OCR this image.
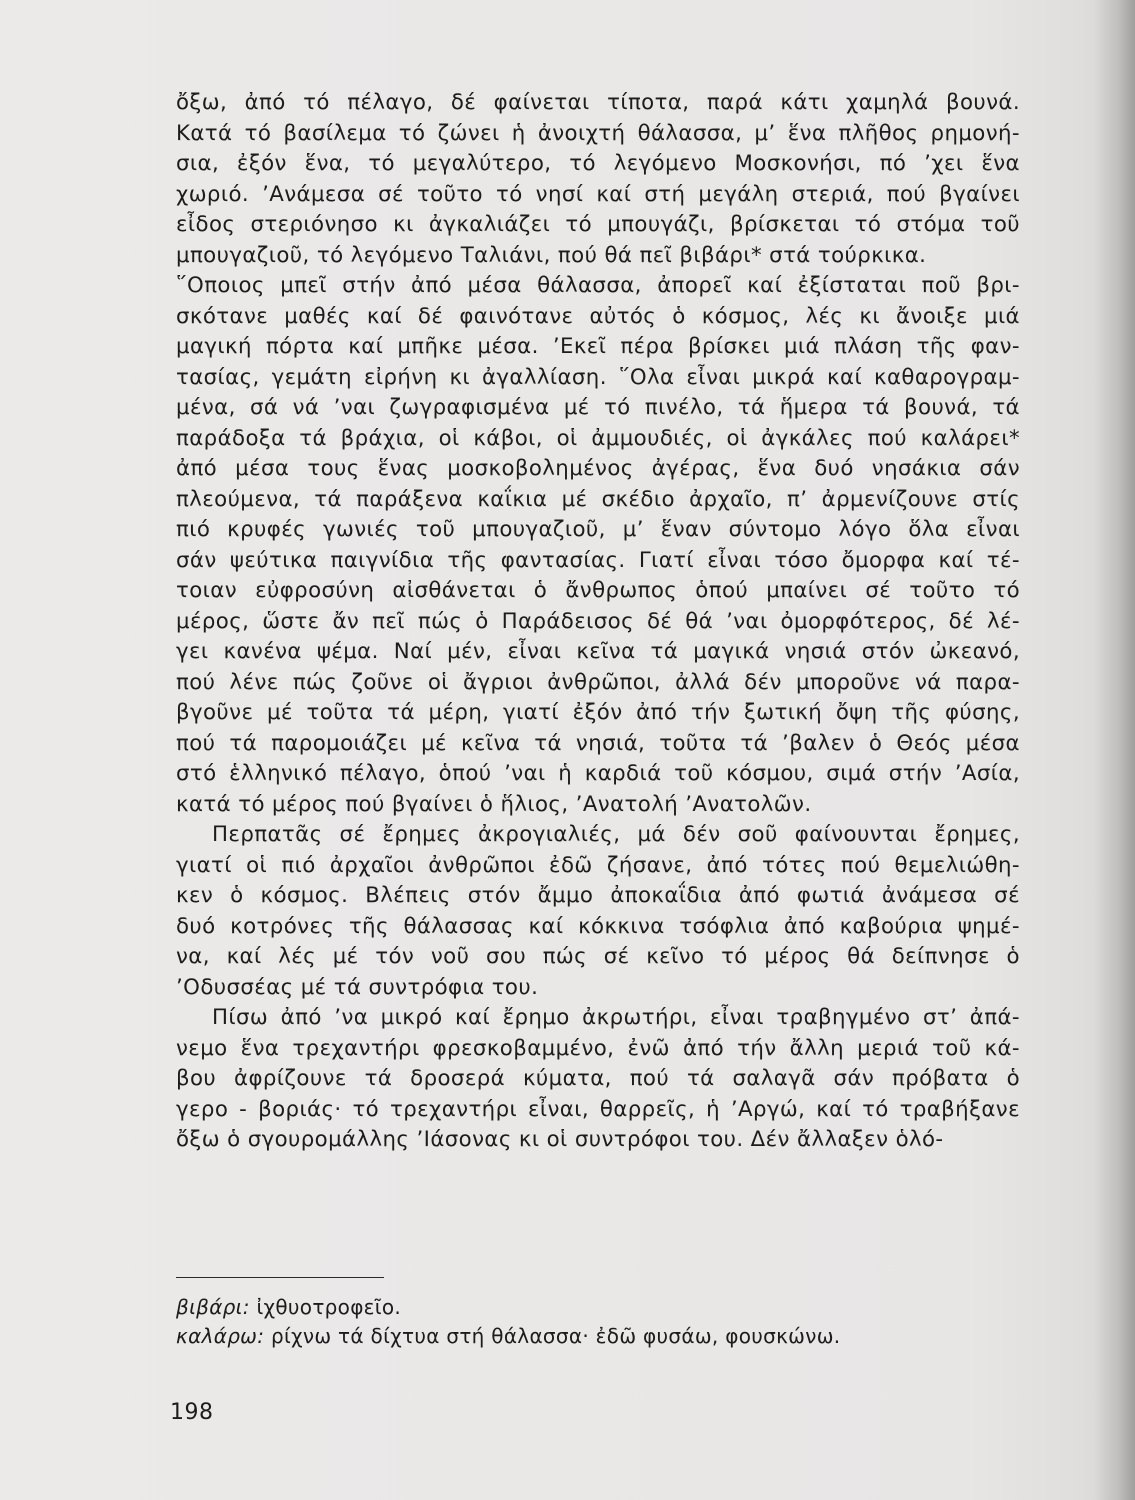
ὄξω, ἀπό τό πέλαγο, δέ φαίνεται τίποτα, παρά κάτι χαμηλά βουνά.
Κατά τό βασίλεμα τό ζώνει ἡ ἀνοιχτή θάλασσα, μ’ ἕνα πλῆθος ρημονή-
σια, ἐξόν ἕνα, τό μεγαλύτερο, τό λεγόμενο Μοσκονήσι, πό ’χει ἕνα
χωριό. ’Ανάμεσα σέ τοῦτο τό νησί καί στή μεγάλη στεριά, πού βγαίνει
εἶδος στεριόνησο κι ἀγκαλιάζει τό μπουγάζι, βρίσκεται τό στόμα τοῦ
μπουγαζιοῦ, τό λεγόμενο Ταλιάνι, πού θά πεῖ βιβάρι* στά τούρκικα.
῞Οποιος μπεῖ στήν ἀπό μέσα θάλασσα, ἀπορεῖ καί ἐξίσταται ποῦ βρι-
σκότανε μαθές καί δέ φαινότανε αὐτός ὁ κόσμος, λές κι ἄνοιξε μιά
μαγική πόρτα καί μπῆκε μέσα. ’Εκεῖ πέρα βρίσκει μιά πλάση τῆς φαν-
τασίας, γεμάτη εἰρήνη κι ἀγαλλίαση. ῞Ολα εἶναι μικρά καί καθαρογραμ-
μένα, σά νά ’ναι ζωγραφισμένα μέ τό πινέλο, τά ἥμερα τά βουνά, τά
παράδοξα τά βράχια, οἱ κάβοι, οἱ ἀμμουδιές, οἱ ἀγκάλες πού καλάρει*
ἀπό μέσα τους ἕνας μοσκοβολημένος ἀγέρας, ἕνα δυό νησάκια σάν
πλεούμενα, τά παράξενα καΐκια μέ σκέδιο ἀρχαῖο, π’ ἀρμενίζουνε στίς
πιό κρυφές γωνιές τοῦ μπουγαζιοῦ, μ’ ἕναν σύντομο λόγο ὅλα εἶναι
σάν ψεύτικα παιγνίδια τῆς φαντασίας. Γιατί εἶναι τόσο ὄμορφα καί τέ-
τοιαν εὐφροσύνη αἰσθάνεται ὁ ἄνθρωπος ὁπού μπαίνει σέ τοῦτο τό
μέρος, ὥστε ἄν πεῖ πώς ὁ Παράδεισος δέ θά ’ναι ὀμορφότερος, δέ λέ-
γει κανένα ψέμα. Ναί μέν, εἶναι κεῖνα τά μαγικά νησιά στόν ὠκεανό,
πού λένε πώς ζοῦνε οἱ ἄγριοι ἀνθρῶποι, ἀλλά δέν μποροῦνε νά παρα-
βγοῦνε μέ τοῦτα τά μέρη, γιατί ἐξόν ἀπό τήν ξωτική ὄψη τῆς φύσης,
πού τά παρομοιάζει μέ κεῖνα τά νησιά, τοῦτα τά ’βαλεν ὁ Θεός μέσα
στό ἑλληνικό πέλαγο, ὁπού ’ναι ἡ καρδιά τοῦ κόσμου, σιμά στήν ’Ασία,
κατά τό μέρος πού βγαίνει ὁ ἥλιος, ’Ανατολή ’Ανατολῶν.
Περπατᾶς σέ ἔρημες ἀκρογιαλιές, μά δέν σοῦ φαίνουνται ἔρημες,
γιατί οἱ πιό ἀρχαῖοι ἀνθρῶποι ἐδῶ ζήσανε, ἀπό τότες πού θεμελιώθη-
κεν ὁ κόσμος. Βλέπεις στόν ἄμμο ἀποκαΐδια ἀπό φωτιά ἀνάμεσα σέ
δυό κοτρόνες τῆς θάλασσας καί κόκκινα τσόφλια ἀπό καβούρια ψημέ-
να, καί λές μέ τόν νοῦ σου πώς σέ κεῖνο τό μέρος θά δείπνησε ὁ
’Οδυσσέας μέ τά συντρόφια του.
Πίσω ἀπό ’να μικρό καί ἔρημο ἀκρωτήρι, εἶναι τραβηγμένο στ’ ἀπά-
νεμο ἕνα τρεχαντήρι φρεσκοβαμμένο, ἐνῶ ἀπό τήν ἄλλη μεριά τοῦ κά-
βου ἀφρίζουνε τά δροσερά κύματα, πού τά σαλαγᾶ σάν πρόβατα ὁ
γερο - βοριάς· τό τρεχαντήρι εἶναι, θαρρεῖς, ἡ ’Αργώ, καί τό τραβήξανε
ὄξω ὁ σγουρομάλλης ’Ιάσονας κι οἱ συντρόφοι του. Δέν ἄλλαξεν ὁλό-
βιβάρι: ἰχθυοτροφεῖο.
καλάρω: ρίχνω τά δίχτυα στή θάλασσα· ἐδῶ φυσάω, φουσκώνω.
198
